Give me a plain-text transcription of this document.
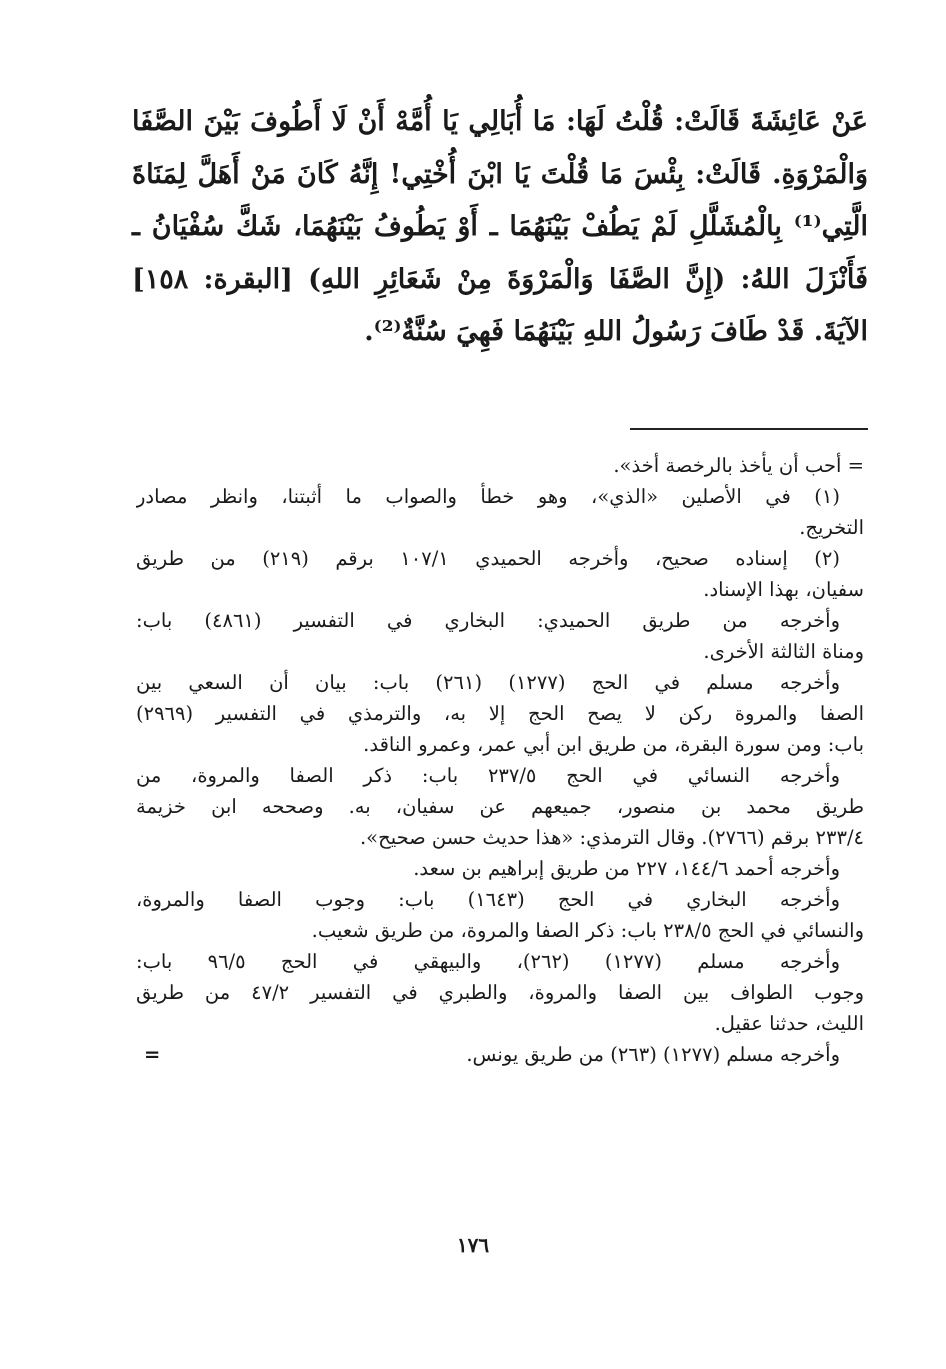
عَنْ عَائِشَةَ قَالَتْ: قُلْتُ لَهَا: مَا أُبَالِي يَا أُمَّهْ أَنْ لَا أَطُوفَ بَيْنَ الصَّفَا وَالْمَرْوَةِ. قَالَتْ: بِئْسَ مَا قُلْتَ يَا ابْنَ أُخْتِي! إِنَّهُ كَانَ مَنْ أَهَلَّ لِمَنَاةَ الَّتِي⁽¹⁾ بِالْمُشَلَّلِ لَمْ يَطُفْ بَيْنَهُمَا ـ أَوْ يَطُوفُ بَيْنَهُمَا، شَكَّ سُفْيَانُ ـ فَأَنْزَلَ اللهُ: (إِنَّ الصَّفَا وَالْمَرْوَةَ مِنْ شَعَائِرِ اللهِ) [البقرة: ١٥٨] الآيَةَ. قَدْ طَافَ رَسُولُ اللهِ بَيْنَهُمَا فَهِيَ سُنَّةٌ⁽²⁾.

= أحب أن يأخذ بالرخصة أخذ».
(١) في الأصلين «الذي»، وهو خطأ والصواب ما أثبتنا، وانظر مصادر
التخريج.
(٢) إسناده صحيح، وأخرجه الحميدي ١٠٧/١ برقم (٢١٩) من طريق
سفيان، بهذا الإسناد.
وأخرجه من طريق الحميدي: البخاري في التفسير (٤٨٦١) باب:
ومناة الثالثة الأخرى.
وأخرجه مسلم في الحج (١٢٧٧) (٢٦١) باب: بيان أن السعي بين
الصفا والمروة ركن لا يصح الحج إلا به، والترمذي في التفسير (٢٩٦٩)
باب: ومن سورة البقرة، من طريق ابن أبي عمر، وعمرو الناقد.
وأخرجه النسائي في الحج ٢٣٧/٥ باب: ذكر الصفا والمروة، من
طريق محمد بن منصور، جميعهم عن سفيان، به. وصححه ابن خزيمة
٢٣٣/٤ برقم (٢٧٦٦). وقال الترمذي: «هذا حديث حسن صحيح».
وأخرجه أحمد ١٤٤/٦، ٢٢٧ من طريق إبراهيم بن سعد.
وأخرجه البخاري في الحج (١٦٤٣) باب: وجوب الصفا والمروة،
والنسائي في الحج ٢٣٨/٥ باب: ذكر الصفا والمروة، من طريق شعيب.
وأخرجه مسلم (١٢٧٧) (٢٦٢)، والبيهقي في الحج ٩٦/٥ باب:
وجوب الطواف بين الصفا والمروة، والطبري في التفسير ٤٧/٢ من طريق
الليث، حدثنا عقيل.
وأخرجه مسلم (١٢٧٧) (٢٦٣) من طريق يونس.
=
١٧٦
